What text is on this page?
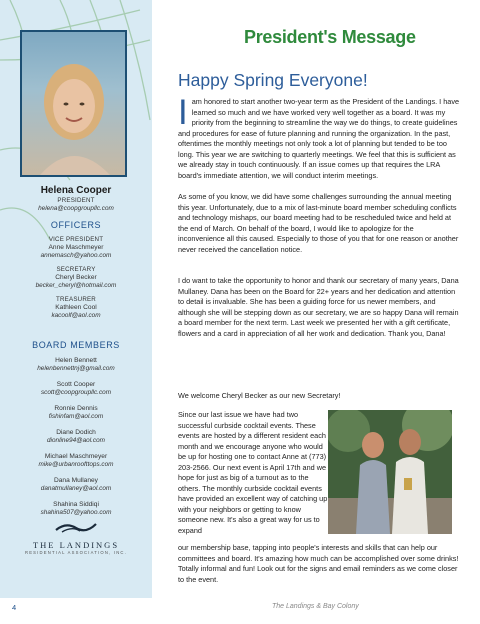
Helena Cooper
PRESIDENT
helena@coopgroupllc.com
OFFICERS
VICE PRESIDENT
Anne Maschmeyer
annemasch@yahoo.com
SECRETARY
Cheryl Becker
becker_cheryl@hotmail.com
TREASURER
Kathleen Cool
kacoolf@aol.com
BOARD MEMBERS
Helen Bennett
helenbennettnj@gmail.com
Scott Cooper
scott@coopgroupllc.com
Ronnie Dennis
fishinfam@aol.com
Diane Dodich
dionline94@aol.com
Michael Maschmeyer
mike@urbanroofttops.com
Dana Mullaney
danatmullaney@aol.com
Shahina Siddiqi
shahina507@yahoo.com
THE LANDINGS
RESIDENTIAL ASSOCIATION, INC.
President's Message
Happy Spring Everyone!

Iam honored to start another two-year term as the President of the Landings. I have learned so much and we have worked very well together as a board. It was my priority from the beginning to streamline the way we do things, to create guidelines and procedures for ease of future planning and running the organization. In the past, oftentimes the monthly meetings not only took a lot of planning but tended to be too long. This year we are switching to quarterly meetings. We feel that this is sufficient as we already stay in touch continuously. If an issue comes up that requires the LRA board's immediate attention, we will conduct interim meetings.

As some of you know, we did have some challenges surrounding the annual meeting this year. Unfortunately, due to a mix of last-minute board member scheduling conflicts and technology mishaps, our board meeting had to be rescheduled twice and held at the end of March. On behalf of the board, I would like to apologize for the inconvenience all this caused. Especially to those of you that for one reason or another never received the cancellation notice.

I do want to take the opportunity to honor and thank our secretary of many years, Dana Mullaney. Dana has been on the Board for 22+ years and her dedication and attention to detail is invaluable. She has been a guiding force for us newer members, and although she will be stepping down as our secretary, we are so happy Dana will remain a board member for the next term. Last week we presented her with a gift certificate, flowers and a card in appreciation of all her work and dedication. Thank you, Dana!

We welcome Cheryl Becker as our new Secretary!

Since our last issue we have had two successful curbside cocktail events. These events are hosted by a different resident each month and we encourage anyone who would be up for hosting one to contact Anne at (773) 203-2566. Our next event is April 17th and we hope for just as big of a turnout as to the others. The monthly curbside cocktail events have provided an excellent way of catching up with your neighbors or getting to know someone new. It's also a great way for us to expand

our membership base, tapping into people's interests and skills that can help our committees and board. It's amazing how much can be accomplished over some drinks! Totally informal and fun! Look out for the signs and email reminders as we come closer to the event.

4	The Landings & Bay Colony
